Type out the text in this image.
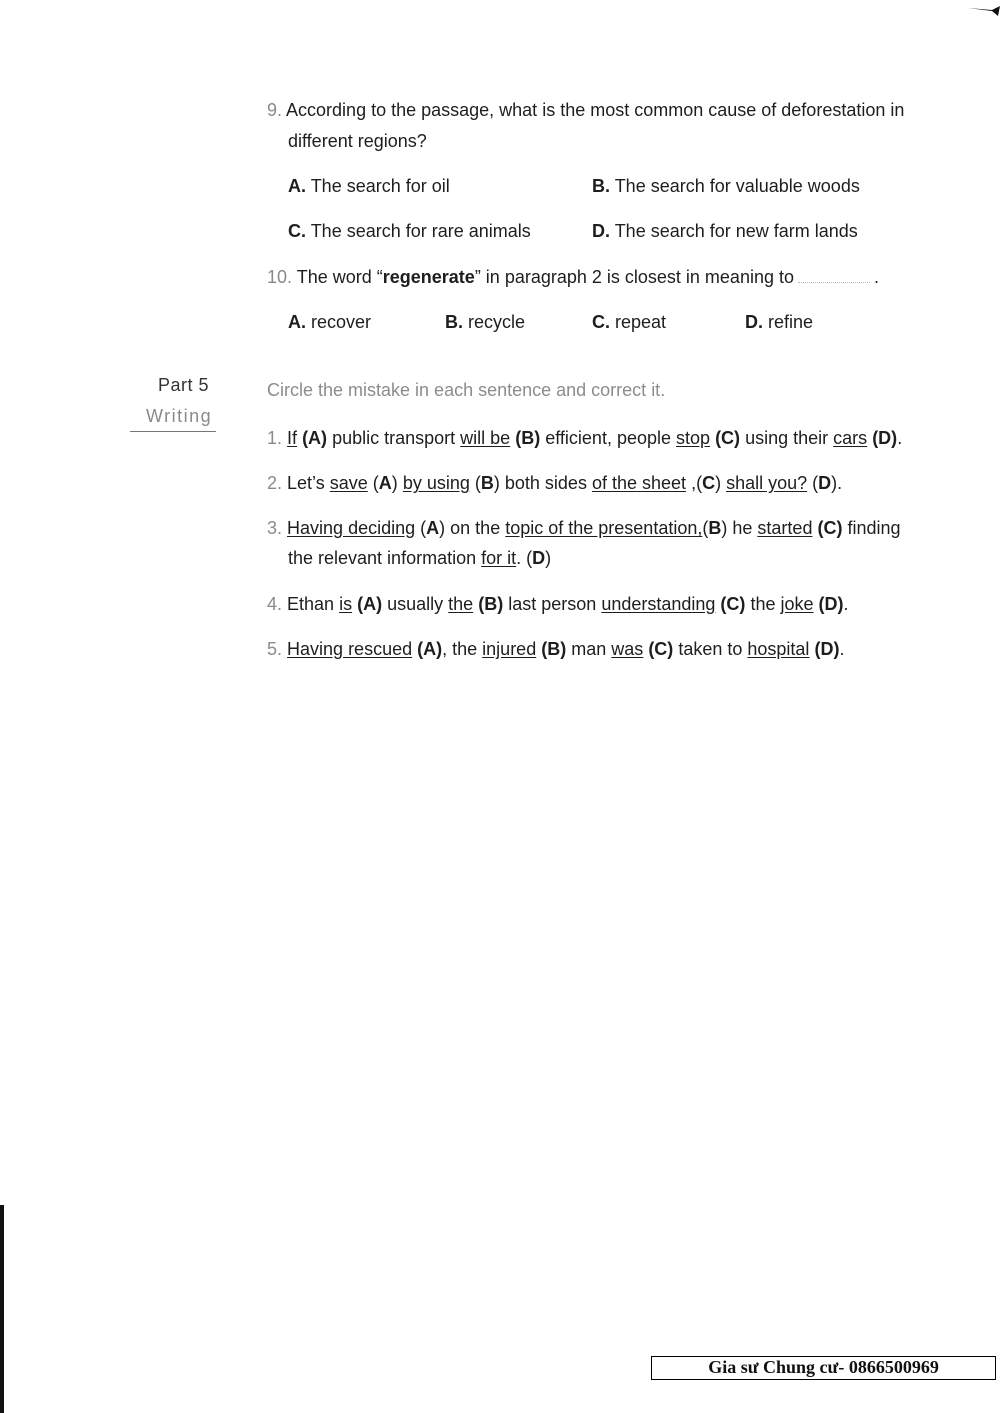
9. According to the passage, what is the most common cause of deforestation in
different regions?
A. The search for oil	B. The search for valuable woods
C. The search for rare animals	D. The search for new farm lands
10. The word “regenerate” in paragraph 2 is closest in meaning to	.
A. recover	B. recycle	C. repeat	D. refine
Part 5
Writing
Circle the mistake in each sentence and correct it.
1. If (A) public transport will be (B) efficient, people stop (C) using their cars (D).
2. Let’s save (A) by using (B) both sides of the sheet ,(C) shall you? (D).
3. Having deciding (A) on the topic of the presentation,(B) he started (C) finding
the relevant information for it. (D)
4. Ethan is (A) usually the (B) last person understanding (C) the joke (D).
5. Having rescued (A), the injured (B) man was (C) taken to hospital (D).
Gia sư Chung cư- 0866500969
